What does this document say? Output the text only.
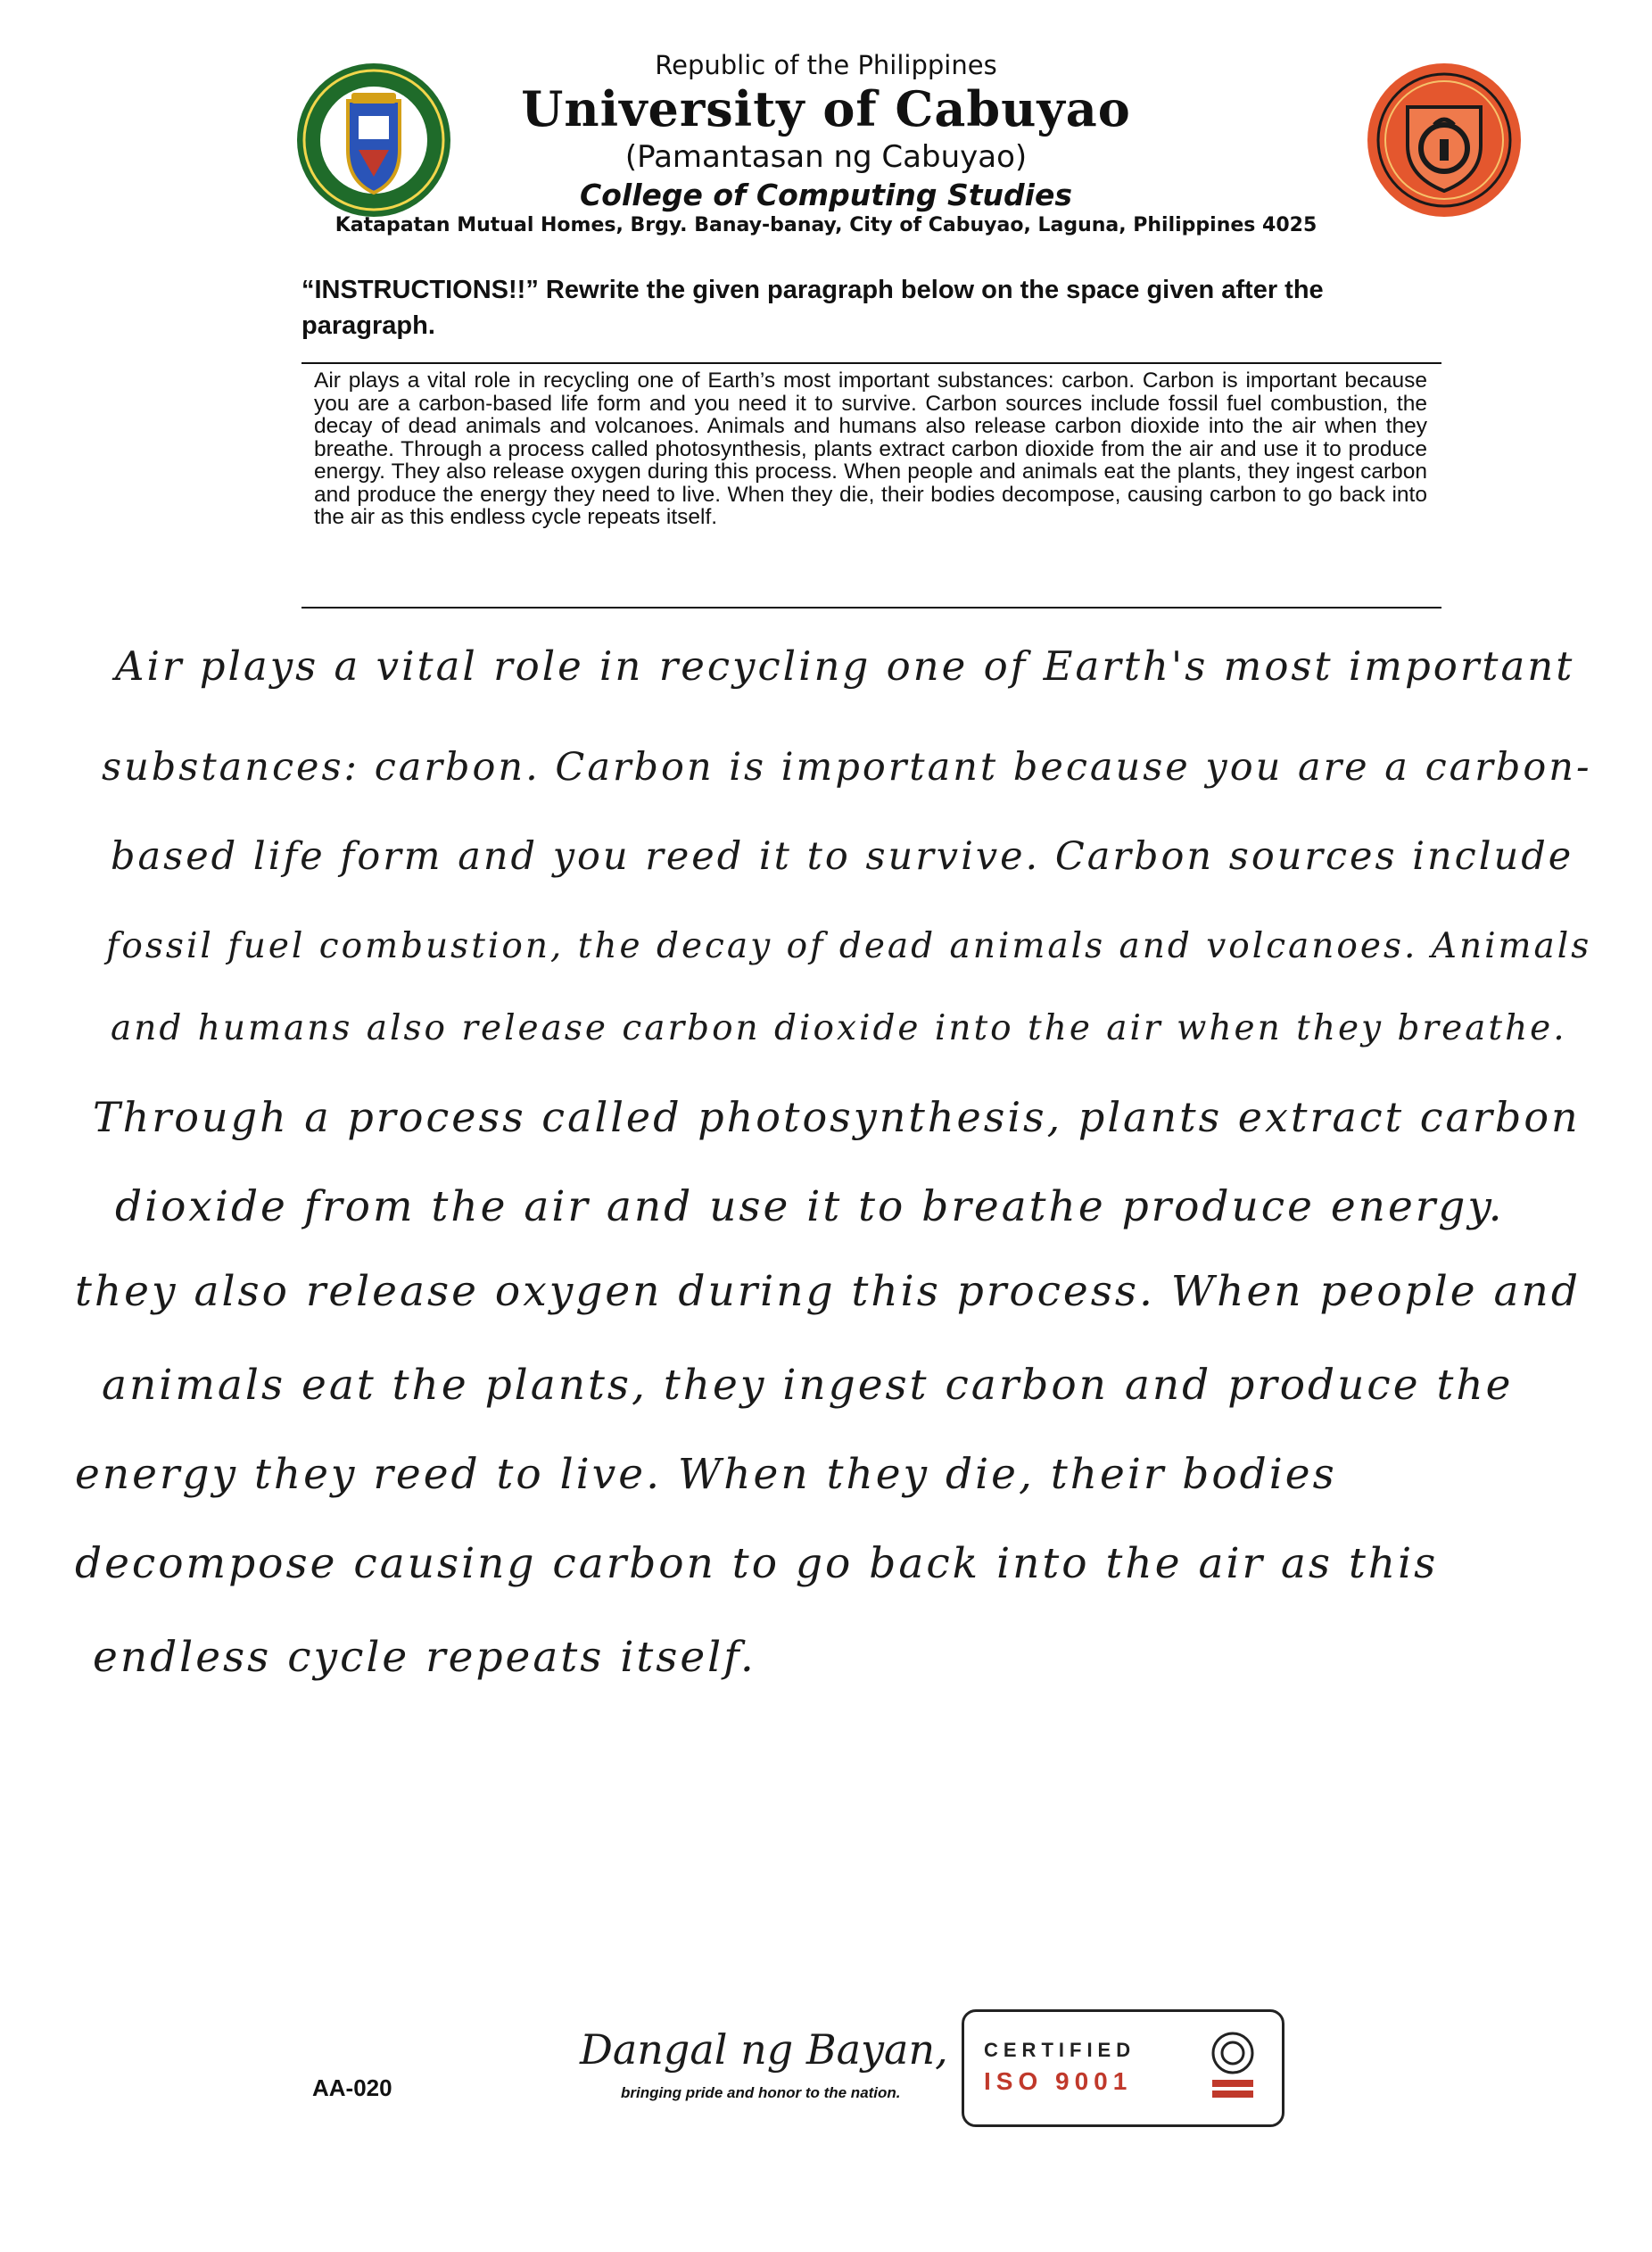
Republic of the Philippines
University of Cabuyao
(Pamantasan ng Cabuyao)
College of Computing Studies
Katapatan Mutual Homes, Brgy. Banay-banay, City of Cabuyao, Laguna, Philippines 4025
“INSTRUCTIONS!!” Rewrite the given paragraph below on the space given after the paragraph.
Air plays a vital role in recycling one of Earth’s most important substances: carbon. Carbon is important because you are a carbon-based life form and you need it to survive. Carbon sources include fossil fuel combustion, the decay of dead animals and volcanoes. Animals and humans also release carbon dioxide into the air when they breathe. Through a process called photosynthesis, plants extract carbon dioxide from the air and use it to produce energy. They also release oxygen during this process. When people and animals eat the plants, they ingest carbon and produce the energy they need to live. When they die, their bodies decompose, causing carbon to go back into the air as this endless cycle repeats itself.
Air plays a vital role in recycling one of Earth's most important
substances: carbon. Carbon is important because you are a carbon-
based life form and you reed it to survive. Carbon sources include
fossil fuel combustion, the decay of dead animals and volcanoes. Animals
and humans also release carbon dioxide into the air when they breathe.
Through a process called photosynthesis, plants extract carbon
dioxide from the air and use it to breathe produce energy.
they also release oxygen during this process. When people and
animals eat the plants, they ingest carbon and produce the
energy they reed to live. When they die, their bodies
decompose causing carbon to go back into the air as this
endless cycle repeats itself.
AA-020
Dangal ng Bayan,
bringing pride and honor to the nation.
CERTIFIED
ISO 9001
